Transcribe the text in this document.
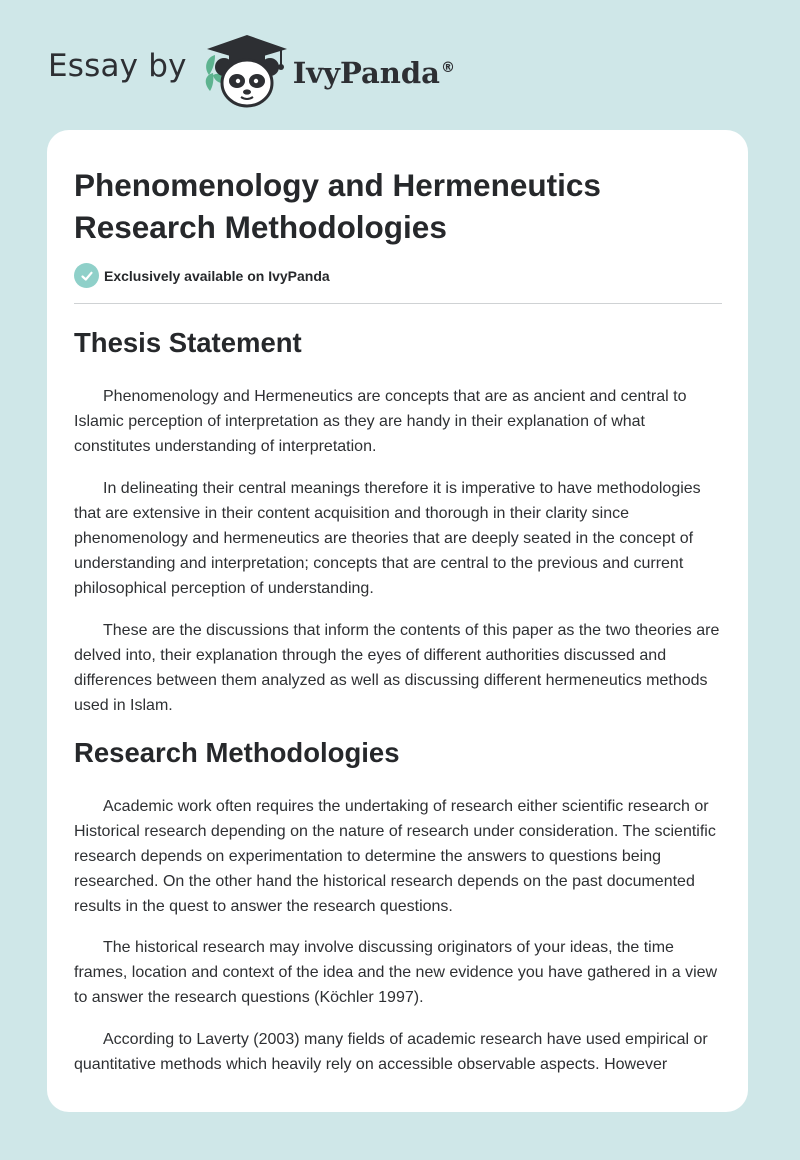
Essay by	IvyPanda®
Phenomenology and Hermeneutics Research Methodologies
Exclusively available on IvyPanda
Thesis Statement

Phenomenology and Hermeneutics are concepts that are as ancient and central to Islamic perception of interpretation as they are handy in their explanation of what constitutes understanding of interpretation.

In delineating their central meanings therefore it is imperative to have methodologies that are extensive in their content acquisition and thorough in their clarity since phenomenology and hermeneutics are theories that are deeply seated in the concept of understanding and interpretation; concepts that are central to the previous and current philosophical perception of understanding.

These are the discussions that inform the contents of this paper as the two theories are delved into, their explanation through the eyes of different authorities discussed and differences between them analyzed as well as discussing different hermeneutics methods used in Islam.

Research Methodologies

Academic work often requires the undertaking of research either scientific research or Historical research depending on the nature of research under consideration. The scientific research depends on experimentation to determine the answers to questions being researched. On the other hand the historical research depends on the past documented results in the quest to answer the research questions.

The historical research may involve discussing originators of your ideas, the time frames, location and context of the idea and the new evidence you have gathered in a view to answer the research questions (Köchler 1997).

According to Laverty (2003) many fields of academic research have used empirical or quantitative methods which heavily rely on accessible observable aspects. However
